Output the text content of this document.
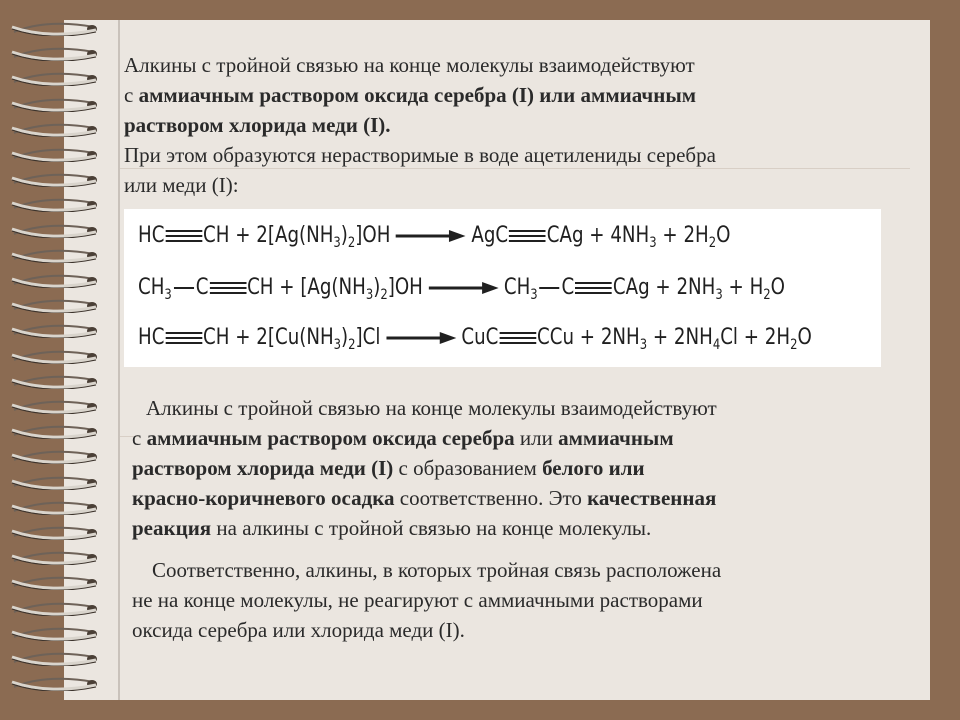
Алкины с тройной связью на конце молекулы взаимодействуют
с аммиачным раствором оксида серебра (I) или аммиачным
раствором хлорида меди (I).
При этом образуются нерастворимые в воде ацетилениды серебра
или меди (I):
HC CH + $2[Ag(NH_3)_2]OH$ → AgC CAg + $4NH_3 + 2H_2O$
$CH_3$ C CH + $[Ag(NH_3)_2]OH \to CH_3$ C CAg + $2NH_3 + H_2O$
HC CH + $2[Cu(NH_3)_2]Cl$ → CuC CCu + $2NH_3 + 2NH_4Cl + 2H_2O$
Алкины с тройной связью на конце молекулы взаимодействуют
с аммиачным раствором оксида серебра или аммиачным
раствором хлорида меди (I) с образованием белого или
красно-коричневого осадка соответственно. Это качественная
реакция на алкины с тройной связью на конце молекулы.
Соответственно, алкины, в которых тройная связь расположена
не на конце молекулы, не реагируют с аммиачными растворами
оксида серебра или хлорида меди (I).
